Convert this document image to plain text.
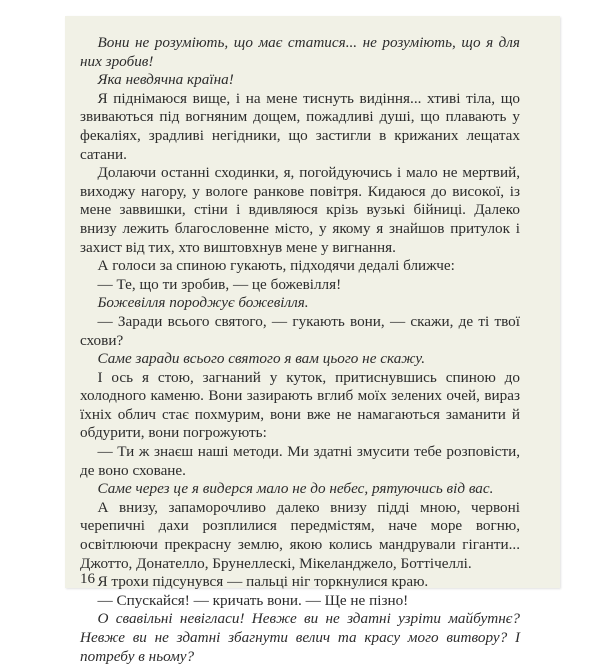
Вони не розуміють, що має статися... не розуміють, що я для них зробив!

Яка невдячна країна!

Я піднімаюся вище, і на мене тиснуть видіння... хтиві тіла, що звиваються під вогняним дощем, пожадливі душі, що плавають у фекаліях, зрадливі негідники, що застигли в крижаних лещатах сатани.

Долаючи останні сходинки, я, погойдуючись і мало не мертвий, виходжу нагору, у вологе ранкове повітря. Кидаюся до високої, із мене заввишки, стіни і вдивляюся крізь вузькі бійниці. Далеко внизу лежить благословенне місто, у якому я знайшов притулок і захист від тих, хто виштовхнув мене у вигнання.

А голоси за спиною гукають, підходячи дедалі ближче:

— Те, що ти зробив, — це божевілля!

Божевілля породжує божевілля.

— Заради всього святого, — гукають вони, — скажи, де ті твої схови?

Саме заради всього святого я вам цього не скажу.

І ось я стою, загнаний у куток, притиснувшись спиною до холодного каменю. Вони зазирають вглиб моїх зелених очей, вираз їхніх облич стає похмурим, вони вже не намагаються заманити й обдурити, вони погрожують:

— Ти ж знаєш наші методи. Ми здатні змусити тебе розповісти, де воно сховане.

Саме через це я видерся мало не до небес, рятуючись від вас.

А внизу, запаморочливо далеко внизу підді мною, червоні черепичні дахи розплилися передмістям, наче море вогню, освітлюючи прекрасну землю, якою колись мандрували гіганти... Джотто, Донателло, Брунеллескі, Мікеланджело, Боттічеллі.

Я трохи підсунувся — пальці ніг торкнулися краю.

— Спускайся! — кричать вони. — Ще не пізно!

О свавільні невіглаcи! Невже ви не здатні узріти майбутнє? Невже ви не здатні збагнути велич та красу мого витвору? І потребу в ньому?

16
